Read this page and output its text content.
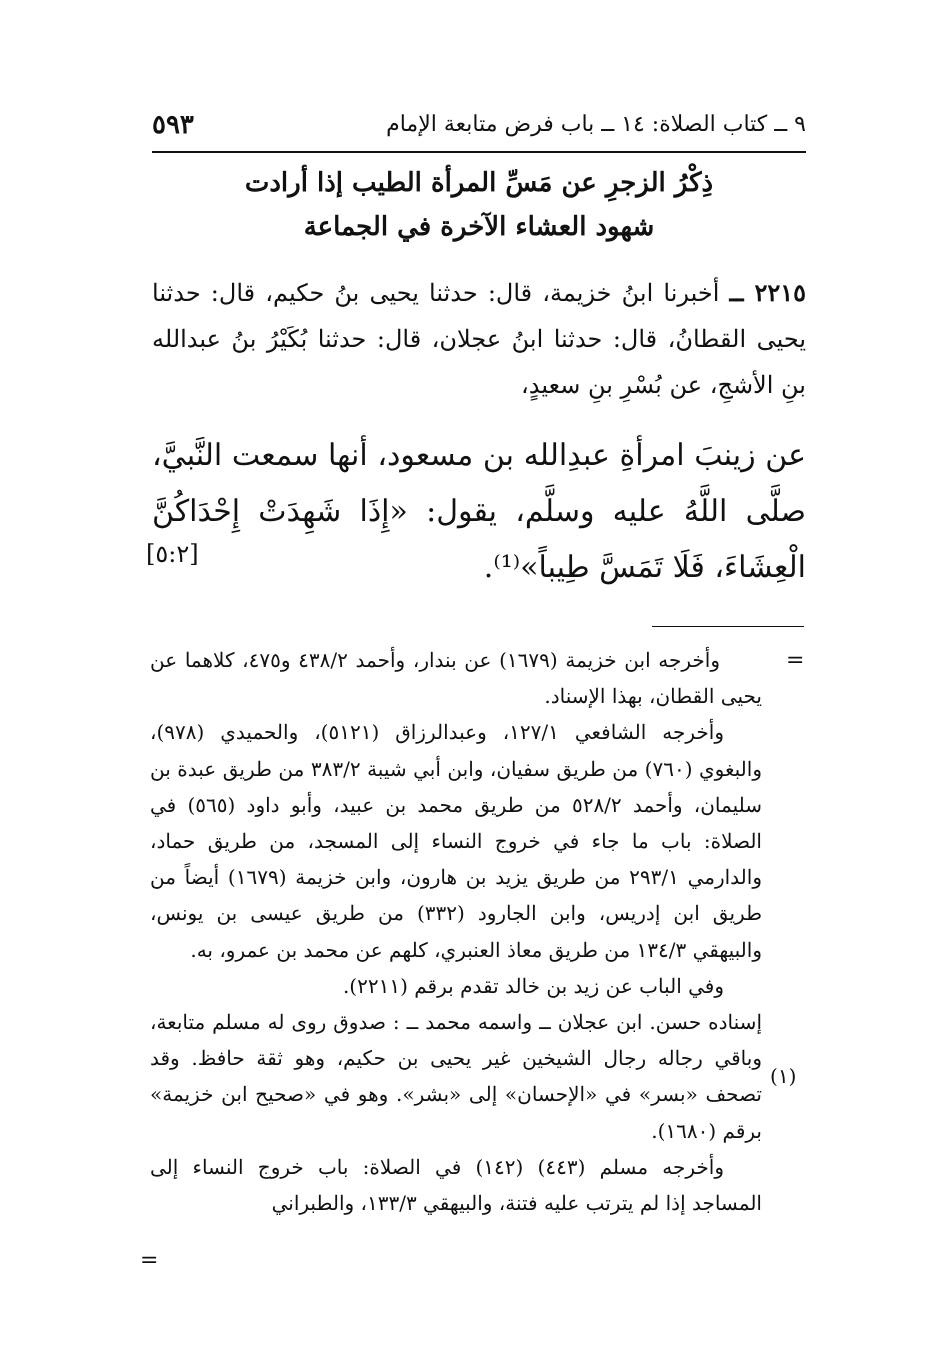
٩ ــ كتاب الصلاة: ١٤ ــ باب فرض متابعة الإمام
٥٩٣
ذِكْرُ الزجرِ عن مَسِّ المرأة الطيب إذا أرادت
شهود العشاء الآخرة في الجماعة
٢٢١٥ ــ أخبرنا ابنُ خزيمة، قال: حدثنا يحيى بنُ حكيم، قال: حدثنا يحيى القطانُ، قال: حدثنا ابنُ عجلان، قال: حدثنا بُكَيْرُ بنُ عبدالله بنِ الأشجِ، عن بُسْرِ بنِ سعيدٍ،
عن زينبَ امرأةِ عبدِالله بن مسعود، أنها سمعت النَّبيَّ، صلَّى اللَّهُ عليه وسلَّم، يقول: «إِذَا شَهِدَتْ إِحْدَاكُنَّ الْعِشَاءَ، فَلَا تَمَسَّ طِيباً»⁽¹⁾.
[٥:٢]
=

وأخرجه ابن خزيمة (١٦٧٩) عن بندار، وأحمد ٤٣٨/٢ و٤٧٥، كلاهما عن يحيى القطان، بهذا الإسناد.

وأخرجه الشافعي ١٢٧/١، وعبدالرزاق (٥١٢١)، والحميدي (٩٧٨)، والبغوي (٧٦٠) من طريق سفيان، وابن أبي شيبة ٣٨٣/٢ من طريق عبدة بن سليمان، وأحمد ٥٢٨/٢ من طريق محمد بن عبيد، وأبو داود (٥٦٥) في الصلاة: باب ما جاء في خروج النساء إلى المسجد، من طريق حماد، والدارمي ٢٩٣/١ من طريق يزيد بن هارون، وابن خزيمة (١٦٧٩) أيضاً من طريق ابن إدريس، وابن الجارود (٣٣٢) من طريق عيسى بن يونس، والبيهقي ١٣٤/٣ من طريق معاذ العنبري، كلهم عن محمد بن عمرو، به.

وفي الباب عن زيد بن خالد تقدم برقم (٢٢١١).

إسناده حسن. ابن عجلان ــ واسمه محمد ــ : صدوق روى له مسلم متابعة، وباقي رجاله رجال الشيخين غير يحيى بن حكيم، وهو ثقة حافظ. وقد تصحف «بسر» في «الإحسان» إلى «بشر». وهو في «صحيح ابن خزيمة» برقم (١٦٨٠).

وأخرجه مسلم (٤٤٣) (١٤٢) في الصلاة: باب خروج النساء إلى المساجد إذا لم يترتب عليه فتنة، والبيهقي ١٣٣/٣، والطبراني

(١)
=
